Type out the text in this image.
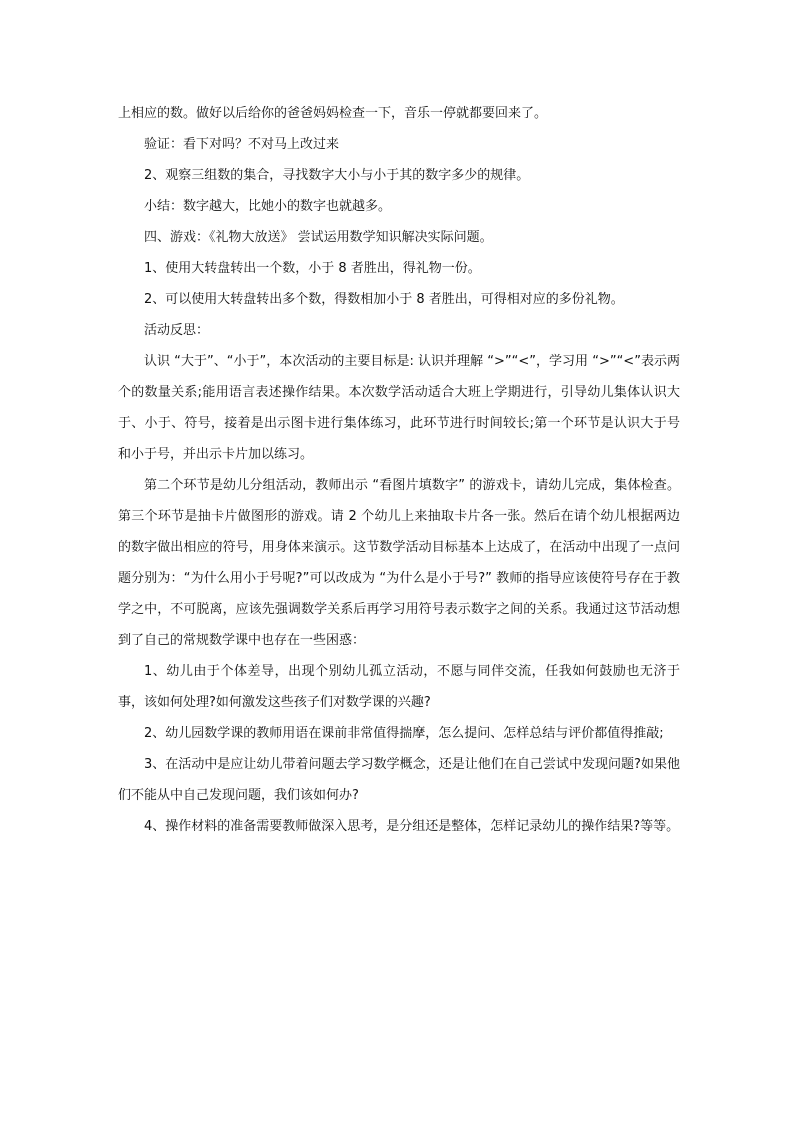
上相应的数。做好以后给你的爸爸妈妈检查一下，音乐一停就都要回来了。

验证：看下对吗？不对马上改过来

2、观察三组数的集合，寻找数字大小与小于其的数字多少的规律。

小结：数字越大，比她小的数字也就越多。

四、游戏：《礼物大放送》 尝试运用数学知识解决实际问题。

1、使用大转盘转出一个数，小于 8 者胜出，得礼物一份。

2、可以使用大转盘转出多个数，得数相加小于 8 者胜出，可得相对应的多份礼物。

活动反思：

认识 “大于”、“小于”，本次活动的主要目标是: 认识并理解 “>”“<”，学习用 “>”“<”表示两个的数量关系;能用语言表述操作结果。本次数学活动适合大班上学期进行，引导幼儿集体认识大于、小于、符号，接着是出示图卡进行集体练习，此环节进行时间较长;第一个环节是认识大于号和小于号，并出示卡片加以练习。

第二个环节是幼儿分组活动，教师出示 “看图片填数字” 的游戏卡，请幼儿完成，集体检查。第三个环节是抽卡片做图形的游戏。请 2 个幼儿上来抽取卡片各一张。然后在请个幼儿根据两边的数字做出相应的符号，用身体来演示。这节数学活动目标基本上达成了，在活动中出现了一点问题分别为：“为什么用小于号呢?”可以改成为 “为什么是小于号?” 教师的指导应该使符号存在于教学之中，不可脱离，应该先强调数学关系后再学习用符号表示数字之间的关系。我通过这节活动想到了自己的常规数学课中也存在一些困惑：

1、幼儿由于个体差导，出现个别幼儿孤立活动，不愿与同伴交流，任我如何鼓励也无济于事，该如何处理?如何激发这些孩子们对数学课的兴趣?

2、幼儿园数学课的教师用语在课前非常值得揣摩，怎么提问、怎样总结与评价都值得推敲;

3、在活动中是应让幼儿带着问题去学习数学概念，还是让他们在自己尝试中发现问题?如果他们不能从中自己发现问题，我们该如何办?

4、操作材料的准备需要教师做深入思考，是分组还是整体，怎样记录幼儿的操作结果?等等。
